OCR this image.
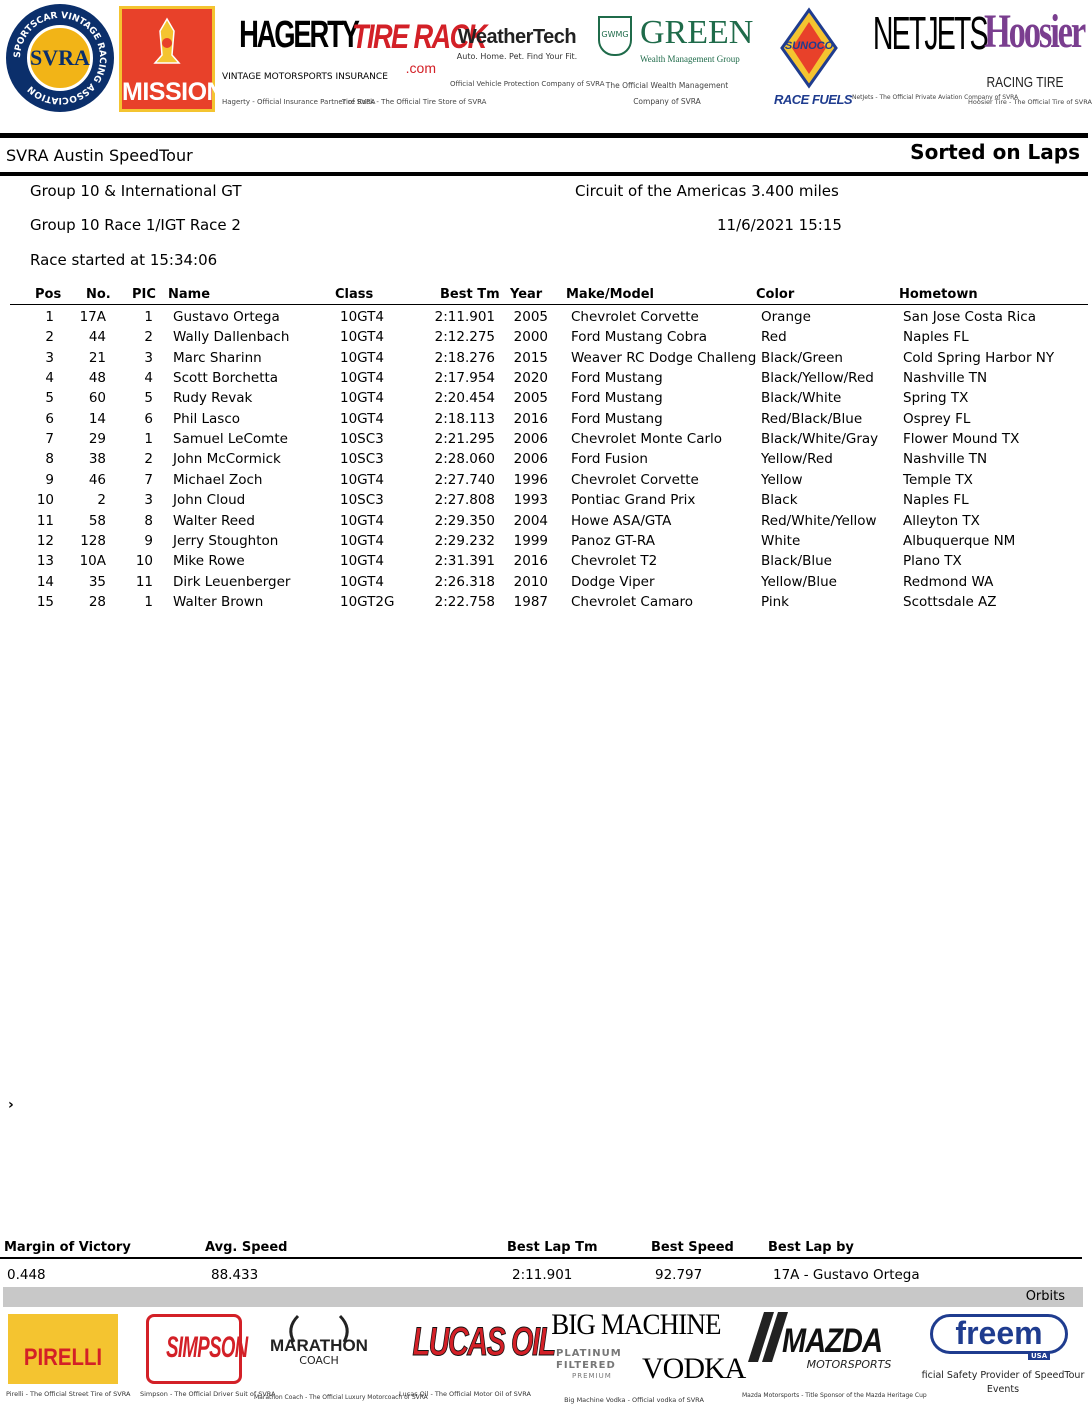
SPORTSCAR VINTAGE RACING ASSOCIATION
SVRA
MISSION
HAGERTY
VINTAGE MOTORSPORTS INSURANCE
Hagerty - Official Insurance Partner of SVRA
TIRE RACK
.com
Tire Rack - The Official Tire Store of SVRA
WeatherTech
Auto. Home. Pet. Find Your Fit.
Official Vehicle Protection Company of SVRA
GWMG GREEN
Wealth Management Group
The Official Wealth Management Company of SVRA
SUNOCO
RACE FUELS
NETJETS
NetJets - The Official Private Aviation Company of SVRA
Hoosier
RACING TIRE
Hoosier Tire - The Official Tire of SVRA
SVRA Austin SpeedTour	Sorted on Laps
Group 10 & International GT	Circuit of the Americas 3.400 miles
Group 10 Race 1/IGT Race 2	11/6/2021 15:15
Race started at 15:34:06
Pos No. PIC Name	Class	Best Tm Year Make/Model	Color	Hometown
1	17A	1 Gustavo Ortega	10GT4	2:11.901 2005 Chevrolet Corvette	Orange	San Jose Costa Rica
2	44	2 Wally Dallenbach	10GT4	2:12.275 2000 Ford Mustang Cobra	Red	Naples FL
3	21	3 Marc Sharinn	10GT4	2:18.276 2015 Weaver RC Dodge Challeng Black/Green	Cold Spring Harbor NY
4	48	4 Scott Borchetta	10GT4	2:17.954 2020 Ford Mustang	Black/Yellow/Red	Nashville TN
5	60	5 Rudy Revak	10GT4	2:20.454 2005 Ford Mustang	Black/White	Spring TX
6	14	6 Phil Lasco	10GT4	2:18.113 2016 Ford Mustang	Red/Black/Blue	Osprey FL
7	29	1 Samuel LeComte	10SC3	2:21.295 2006 Chevrolet Monte Carlo	Black/White/Gray	Flower Mound TX
8	38	2 John McCormick	10SC3	2:28.060 2006 Ford Fusion	Yellow/Red	Nashville TN
9	46	7 Michael Zoch	10GT4	2:27.740 1996 Chevrolet Corvette	Yellow	Temple TX
10	2	3 John Cloud	10SC3	2:27.808 1993 Pontiac Grand Prix	Black	Naples FL
11	58	8 Walter Reed	10GT4	2:29.350 2004 Howe ASA/GTA	Red/White/Yellow	Alleyton TX
12	128	9 Jerry Stoughton	10GT4	2:29.232 1999 Panoz GT-RA	White	Albuquerque NM
13	10A	10 Mike Rowe	10GT4	2:31.391 2016 Chevrolet T2	Black/Blue	Plano TX
14	35	11 Dirk Leuenberger	10GT4	2:26.318 2010 Dodge Viper	Yellow/Blue	Redmond WA
15	28	1 Walter Brown	10GT2G	2:22.758 1987 Chevrolet Camaro	Pink	Scottsdale AZ
›
Margin of Victory	Avg. Speed	Best Lap Tm	Best Speed	Best Lap by
0.448	88.433	2:11.901	92.797	17A - Gustavo Ortega
Orbits
PIRELLI
Pirelli - The Official Street Tire of SVRA
SIMPSON
Simpson - The Official Driver Suit of SVRA
MARATHON
COACH
Marathon Coach - The Official Luxury Motorcoach of SVRA
LUCAS OIL
Lucas Oil - The Official Motor Oil of SVRA
BIG MACHINE
PLATINUM
FILTERED
PREMIUM VODKA
Big Machine Vodka - Official vodka of SVRA
MAZDA
MOTORSPORTS
Mazda Motorsports - Title Sponsor of the Mazda Heritage Cup
freem
USA
ficial Safety Provider of SpeedTour
Events
